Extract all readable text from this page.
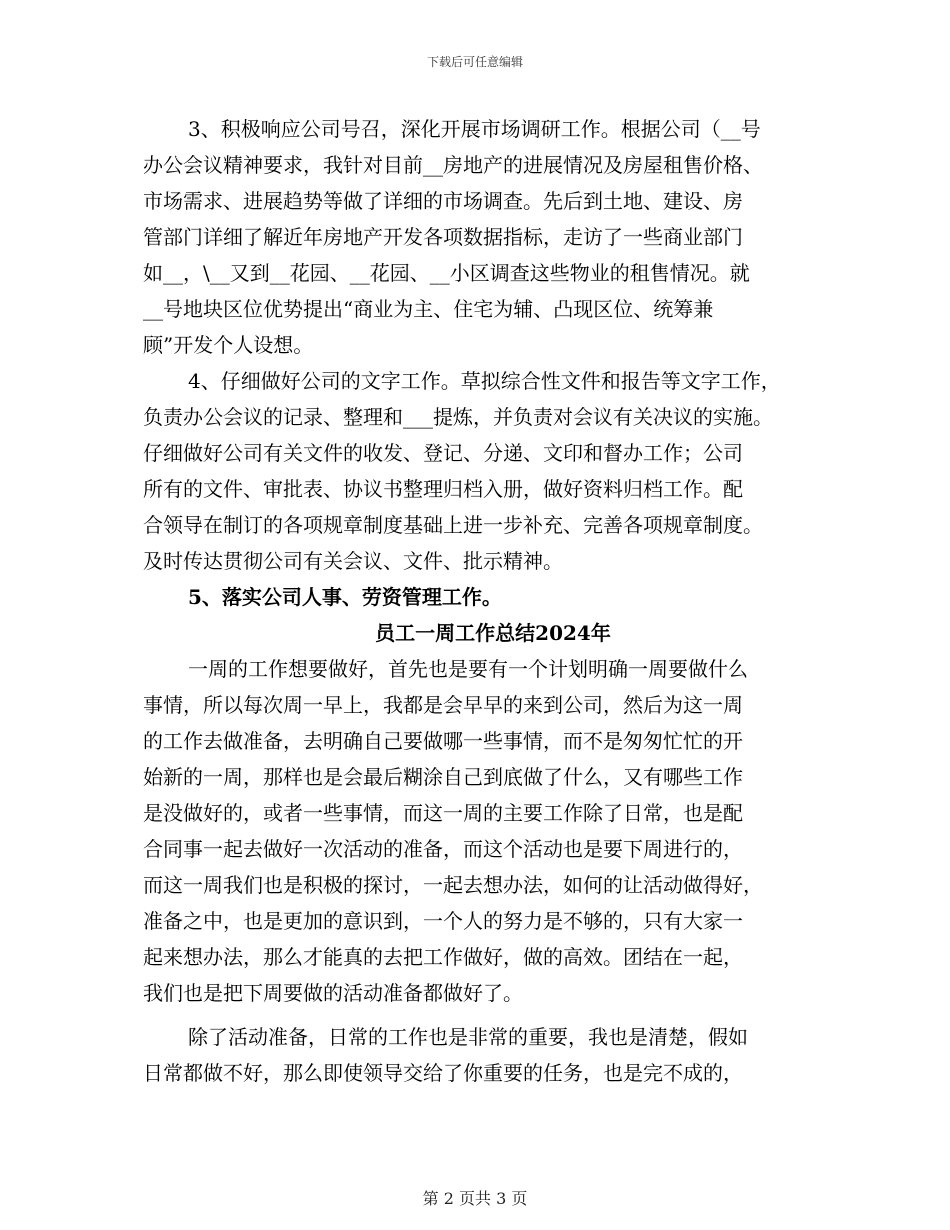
下载后可任意编辑
3、积极响应公司号召，深化开展市场调研工作。根据公司（__号
办公会议精神要求，我针对目前__房地产的进展情况及房屋租售价格、
市场需求、进展趋势等做了详细的市场调查。先后到土地、建设、房
管部门详细了解近年房地产开发各项数据指标，走访了一些商业部门
如__，\__又到__花园、__花园、__小区调查这些物业的租售情况。就
__号地块区位优势提出“商业为主、住宅为辅、凸现区位、统筹兼
顾”开发个人设想。
4、仔细做好公司的文字工作。草拟综合性文件和报告等文字工作，
负责办公会议的记录、整理和___提炼，并负责对会议有关决议的实施。
仔细做好公司有关文件的收发、登记、分递、文印和督办工作；公司
所有的文件、审批表、协议书整理归档入册，做好资料归档工作。配
合领导在制订的各项规章制度基础上进一步补充、完善各项规章制度。
及时传达贯彻公司有关会议、文件、批示精神。
5、落实公司人事、劳资管理工作。
员工一周工作总结2024年
一周的工作想要做好，首先也是要有一个计划明确一周要做什么
事情，所以每次周一早上，我都是会早早的来到公司，然后为这一周
的工作去做准备，去明确自己要做哪一些事情，而不是匆匆忙忙的开
始新的一周，那样也是会最后糊涂自己到底做了什么，又有哪些工作
是没做好的，或者一些事情，而这一周的主要工作除了日常，也是配
合同事一起去做好一次活动的准备，而这个活动也是要下周进行的，
而这一周我们也是积极的探讨，一起去想办法，如何的让活动做得好，
准备之中，也是更加的意识到，一个人的努力是不够的，只有大家一
起来想办法，那么才能真的去把工作做好，做的高效。团结在一起，
我们也是把下周要做的活动准备都做好了。
除了活动准备，日常的工作也是非常的重要，我也是清楚，假如
日常都做不好，那么即使领导交给了你重要的任务，也是完不成的，
第 2 页共 3 页
